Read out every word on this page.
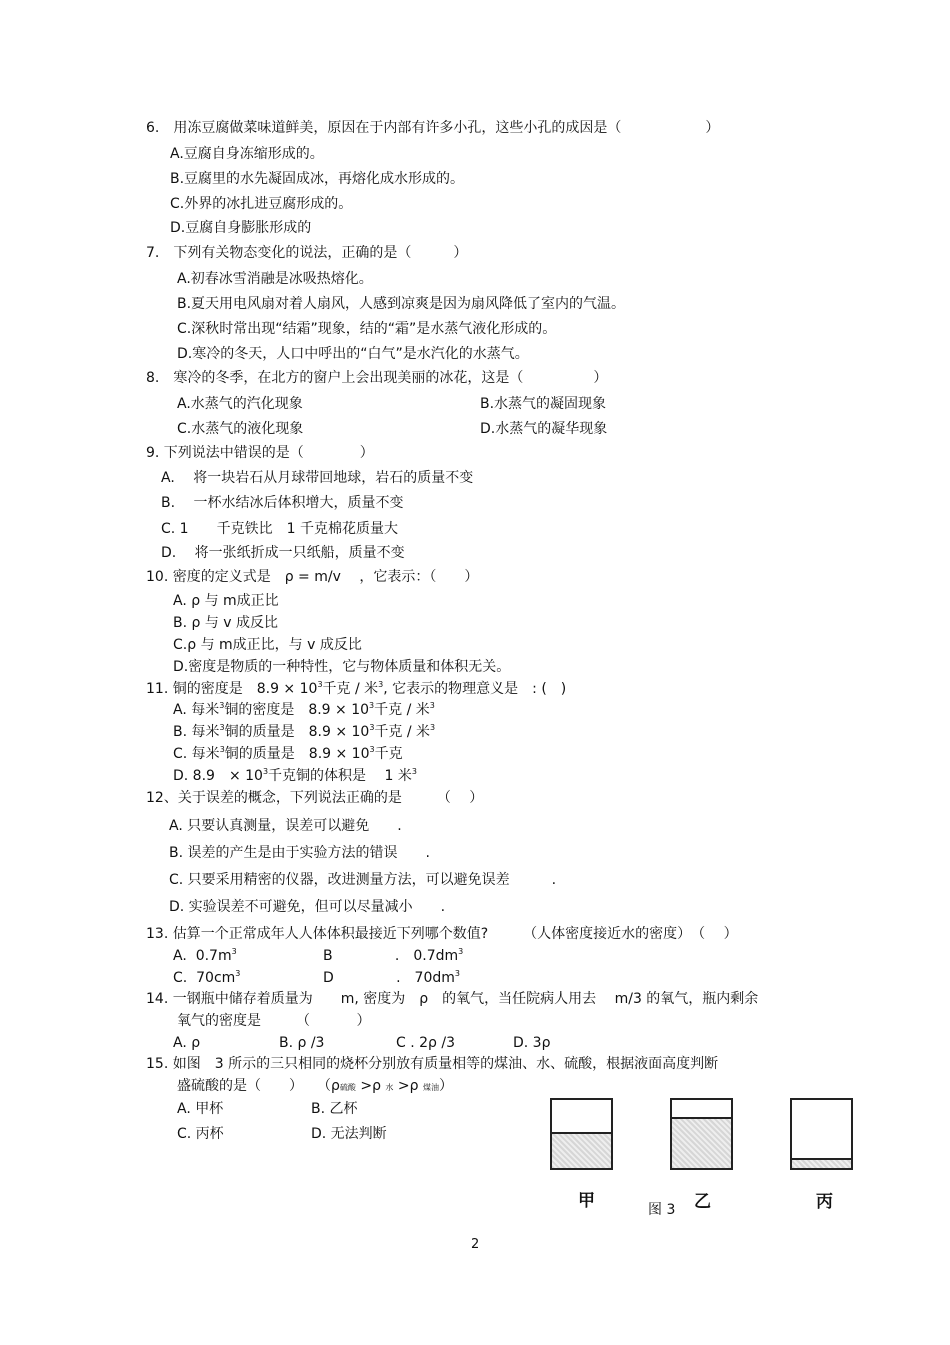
6.　用冻豆腐做菜味道鲜美，原因在于内部有许多小孔，这些小孔的成因是（　　　　　　）
A.豆腐自身冻缩形成的。
B.豆腐里的水先凝固成冰，再熔化成水形成的。
C.外界的冰扎进豆腐形成的。
D.豆腐自身膨胀形成的
7.　下列有关物态变化的说法，正确的是（　　　）
A.初春冰雪消融是冰吸热熔化。
B.夏天用电风扇对着人扇风，人感到凉爽是因为扇风降低了室内的气温。
C.深秋时常出现“结霜”现象，结的“霜”是水蒸气液化形成的。
D.寒冷的冬天，人口中呼出的“白气”是水汽化的水蒸气。
8.　寒冷的冬季，在北方的窗户上会出现美丽的冰花，这是（　　　　　）
A.水蒸气的汽化现象	B.水蒸气的凝固现象
C.水蒸气的液化现象	D.水蒸气的凝华现象
9. 下列说法中错误的是（　　　　）
A.　 将一块岩石从月球带回地球，岩石的质量不变
B.　 一杯水结冰后体积增大，质量不变
C. 1　　千克铁比　1 千克棉花质量大
D.　 将一张纸折成一只纸船，质量不变
10. 密度的定义式是　ρ = m/v　 ，它表示：（　　）
A. ρ 与 m成正比
B. ρ 与 v 成反比
C.ρ 与 m成正比，与 v 成反比
D.密度是物质的一种特性，它与物体质量和体积无关。
11. 铜的密度是　$8.9 \times 10^3$千克 / 米$^3$, 它表示的物理意义是　: (　)
A. 每米$^3$铜的密度是　$8.9 \times 10^3$千克 / 米$^3$
B. 每米$^3$铜的质量是　$8.9 \times 10^3$千克 / 米$^3$
C. 每米$^3$铜的质量是　$8.9 \times 10^3$千克
D. 8.9　× $10^3$千克铜的体积是　 1 米$^3$
12、关于误差的概念，下列说法正确的是　　　（　 ）
A. 只要认真测量，误差可以避免　　.
B. 误差的产生是由于实验方法的错误　　.
C. 只要采用精密的仪器，改进测量方法，可以避免误差　　　.
D. 实验误差不可避免，但可以尽量减小　　.
13. 估算一个正常成年人人体体积最接近下列哪个数值?　　　（人体密度接近水的密度）　（　 ）
A. $0.7m^3$	B	.　$0.7dm^3$
C. $70cm^3$	D	.　$70dm^3$
14. 一钢瓶中储存着质量为　　m, 密度为　ρ　的氧气，当任院病人用去　 m/3 的氧气，瓶内剩余
氧气的密度是　　　（　　　 ）
A. ρ	B. ρ /3	C . 2ρ /3	D. 3ρ
15. 如图　3 所示的三只相同的烧杯分别放有质量相等的煤油、水、硫酸，根据液面高度判断
盛硫酸的是（　　）　　（ρ硫酸 >ρ 水 >ρ 煤油）
A. 甲杯	B. 乙杯
C. 丙杯	D. 无法判断
甲	乙	丙
图 3
2
